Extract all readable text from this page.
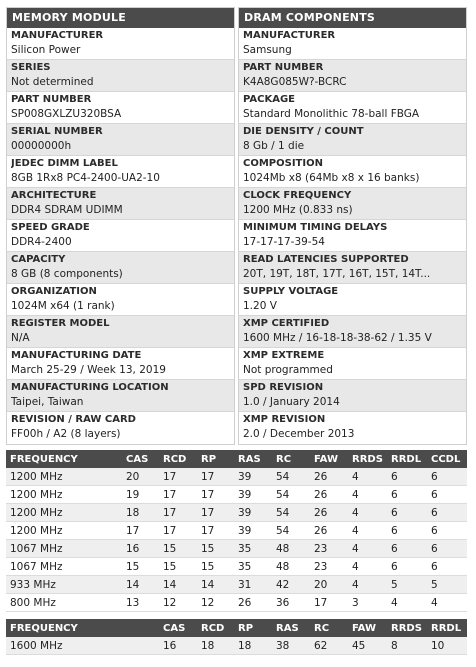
MEMORY MODULE
MANUFACTURER
Silicon Power
SERIES
Not determined
PART NUMBER
SP008GXLZU320BSA
SERIAL NUMBER
00000000h
JEDEC DIMM LABEL
8GB 1Rx8 PC4-2400-UA2-10
ARCHITECTURE
DDR4 SDRAM UDIMM
SPEED GRADE
DDR4-2400
CAPACITY
8 GB (8 components)
ORGANIZATION
1024M x64 (1 rank)
REGISTER MODEL
N/A
MANUFACTURING DATE
March 25-29 / Week 13, 2019
MANUFACTURING LOCATION
Taipei, Taiwan
REVISION / RAW CARD
FF00h / A2 (8 layers)
DRAM COMPONENTS
MANUFACTURER
Samsung
PART NUMBER
K4A8G085W?-BCRC
PACKAGE
Standard Monolithic 78-ball FBGA
DIE DENSITY / COUNT
8 Gb / 1 die
COMPOSITION
1024Mb x8 (64Mb x8 x 16 banks)
CLOCK FREQUENCY
1200 MHz (0.833 ns)
MINIMUM TIMING DELAYS
17-17-17-39-54
READ LATENCIES SUPPORTED
20T, 19T, 18T, 17T, 16T, 15T, 14T...
SUPPLY VOLTAGE
1.20 V
XMP CERTIFIED
1600 MHz / 16-18-18-38-62 / 1.35 V
XMP EXTREME
Not programmed
SPD REVISION
1.0 / January 2014
XMP REVISION
2.0 / December 2013
FREQUENCY	CAS	RCD	RP	RAS	RC	FAW	RRDS	RRDL	CCDL
1200 MHz	20	17	17	39	54	26	4	6	6
1200 MHz	19	17	17	39	54	26	4	6	6
1200 MHz	18	17	17	39	54	26	4	6	6
1200 MHz	17	17	17	39	54	26	4	6	6
1067 MHz	16	15	15	35	48	23	4	6	6
1067 MHz	15	15	15	35	48	23	4	6	6
933 MHz	14	14	14	31	42	20	4	5	5
800 MHz	13	12	12	26	36	17	3	4	4
FREQUENCY		CAS	RCD	RP	RAS	RC	FAW	RRDS	RRDL
1600 MHz		16	18	18	38	62	45	8	10
